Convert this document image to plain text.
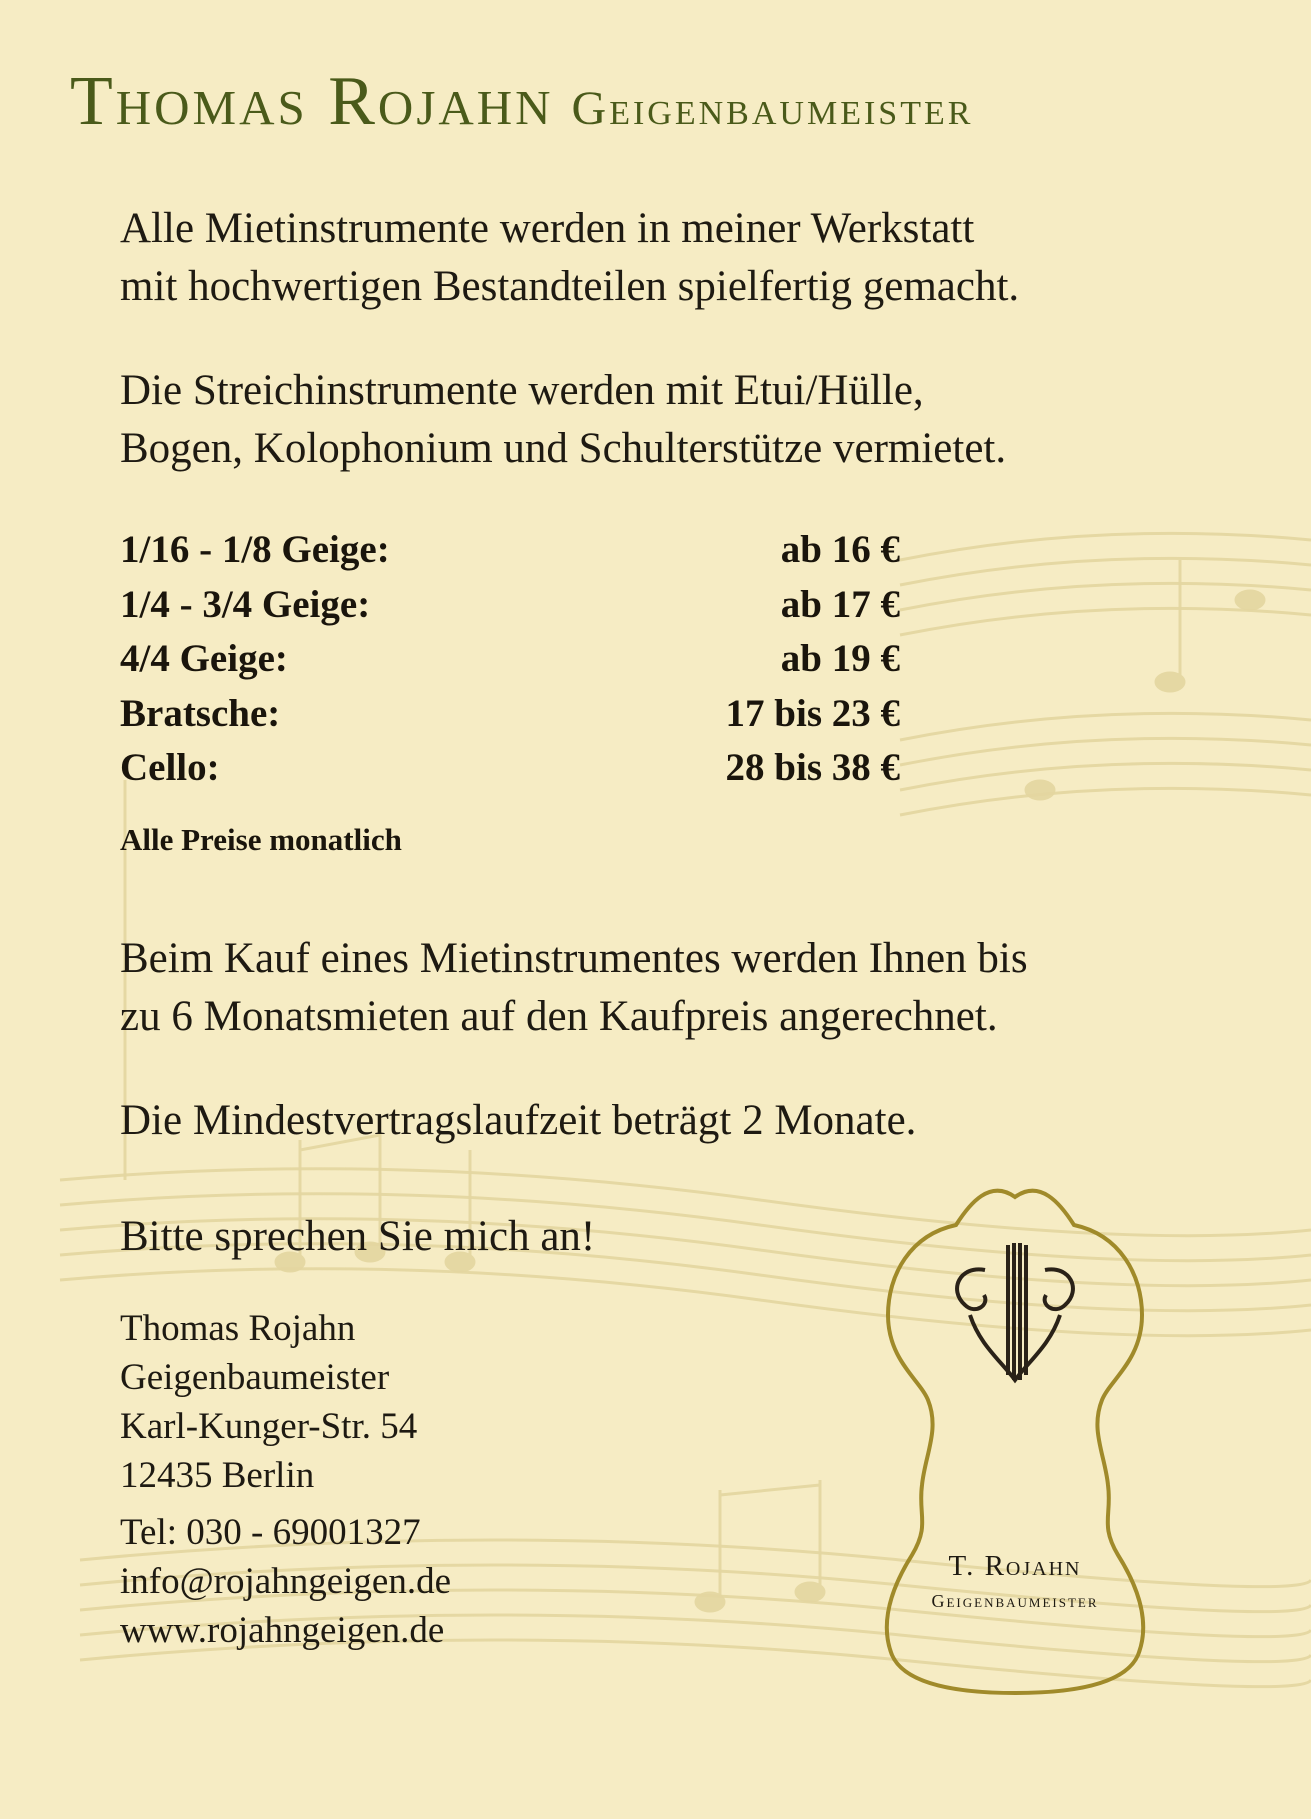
Thomas Rojahn Geigenbaumeister
Alle Mietinstrumente werden in meiner Werkstatt
mit hochwertigen Bestandteilen spielfertig gemacht.
Die Streichinstrumente werden mit Etui/Hülle,
Bogen, Kolophonium und Schulterstütze vermietet.
1/16 - 1/8 Geige:	ab 16 €
1/4 - 3/4 Geige:	ab 17 €
4/4 Geige:	ab 19 €
Bratsche:	17 bis 23 €
Cello:	28 bis 38 €
Alle Preise monatlich
Beim Kauf eines Mietinstrumentes werden Ihnen bis
zu 6 Monatsmieten auf den Kaufpreis angerechnet.
Die Mindestvertragslaufzeit beträgt 2 Monate.
Bitte sprechen Sie mich an!
Thomas Rojahn
Geigenbaumeister
Karl-Kunger-Str. 54
12435 Berlin
Tel: 030 - 69001327
info@rojahngeigen.de
www.rojahngeigen.de
T. Rojahn
Geigenbaumeister
